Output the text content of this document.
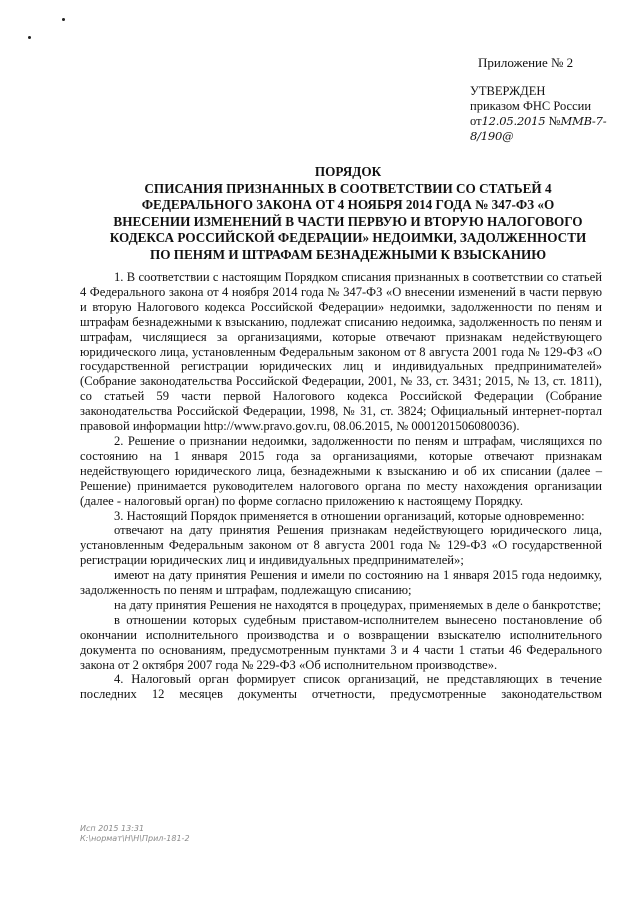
Приложение № 2
УТВЕРЖДЕН
приказом ФНС России
от12.05.2015 №ММВ-7-8/190@
ПОРЯДОК
СПИСАНИЯ ПРИЗНАННЫХ В СООТВЕТСТВИИ СО СТАТЬЕЙ 4 ФЕДЕРАЛЬНОГО ЗАКОНА ОТ 4 НОЯБРЯ 2014 ГОДА № 347-ФЗ «О ВНЕСЕНИИ ИЗМЕНЕНИЙ В ЧАСТИ ПЕРВУЮ И ВТОРУЮ НАЛОГОВОГО КОДЕКСА РОССИЙСКОЙ ФЕДЕРАЦИИ» НЕДОИМКИ, ЗАДОЛЖЕННОСТИ ПО ПЕНЯМ И ШТРАФАМ БЕЗНАДЕЖНЫМИ К ВЗЫСКАНИЮ

1. В соответствии с настоящим Порядком списания признанных в соответствии со статьей 4 Федерального закона от 4 ноября 2014 года № 347-ФЗ «О внесении изменений в части первую и вторую Налогового кодекса Российской Федерации» недоимки, задолженности по пеням и штрафам безнадежными к взысканию, подлежат списанию недоимка, задолженность по пеням и штрафам, числящиеся за организациями, которые отвечают признакам недействующего юридического лица, установленным Федеральным законом от 8 августа 2001 года № 129-ФЗ «О государственной регистрации юридических лиц и индивидуальных предпринимателей» (Собрание законодательства Российской Федерации, 2001, № 33, ст. 3431; 2015, № 13, ст. 1811), со статьей 59 части первой Налогового кодекса Российской Федерации (Собрание законодательства Российской Федерации, 1998, № 31, ст. 3824; Официальный интернет-портал правовой информации http://www.pravo.gov.ru, 08.06.2015, № 0001201506080036).

2. Решение о признании недоимки, задолженности по пеням и штрафам, числящихся по состоянию на 1 января 2015 года за организациями, которые отвечают признакам недействующего юридического лица, безнадежными к взысканию и об их списании (далее – Решение) принимается руководителем налогового органа по месту нахождения организации (далее - налоговый орган) по форме согласно приложению к настоящему Порядку.

3. Настоящий Порядок применяется в отношении организаций, которые одновременно:

отвечают на дату принятия Решения признакам недействующего юридического лица, установленным Федеральным законом от 8 августа 2001 года № 129-ФЗ «О государственной регистрации юридических лиц и индивидуальных предпринимателей»;

имеют на дату принятия Решения и имели по состоянию на 1 января 2015 года недоимку, задолженность по пеням и штрафам, подлежащую списанию;

на дату принятия Решения не находятся в процедурах, применяемых в деле о банкротстве;

в отношении которых судебным приставом-исполнителем вынесено постановление об окончании исполнительного производства и о возвращении взыскателю исполнительного документа по основаниям, предусмотренным пунктами 3 и 4 части 1 статьи 46 Федерального закона от 2 октября 2007 года № 229-ФЗ «Об исполнительном производстве».

4. Налоговый орган формирует список организаций, не представляющих в течение последних 12 месяцев документы отчетности, предусмотренные законодательством

Исп 2015 13:31
К:\нормат\Н\Н\Прил-181-2
